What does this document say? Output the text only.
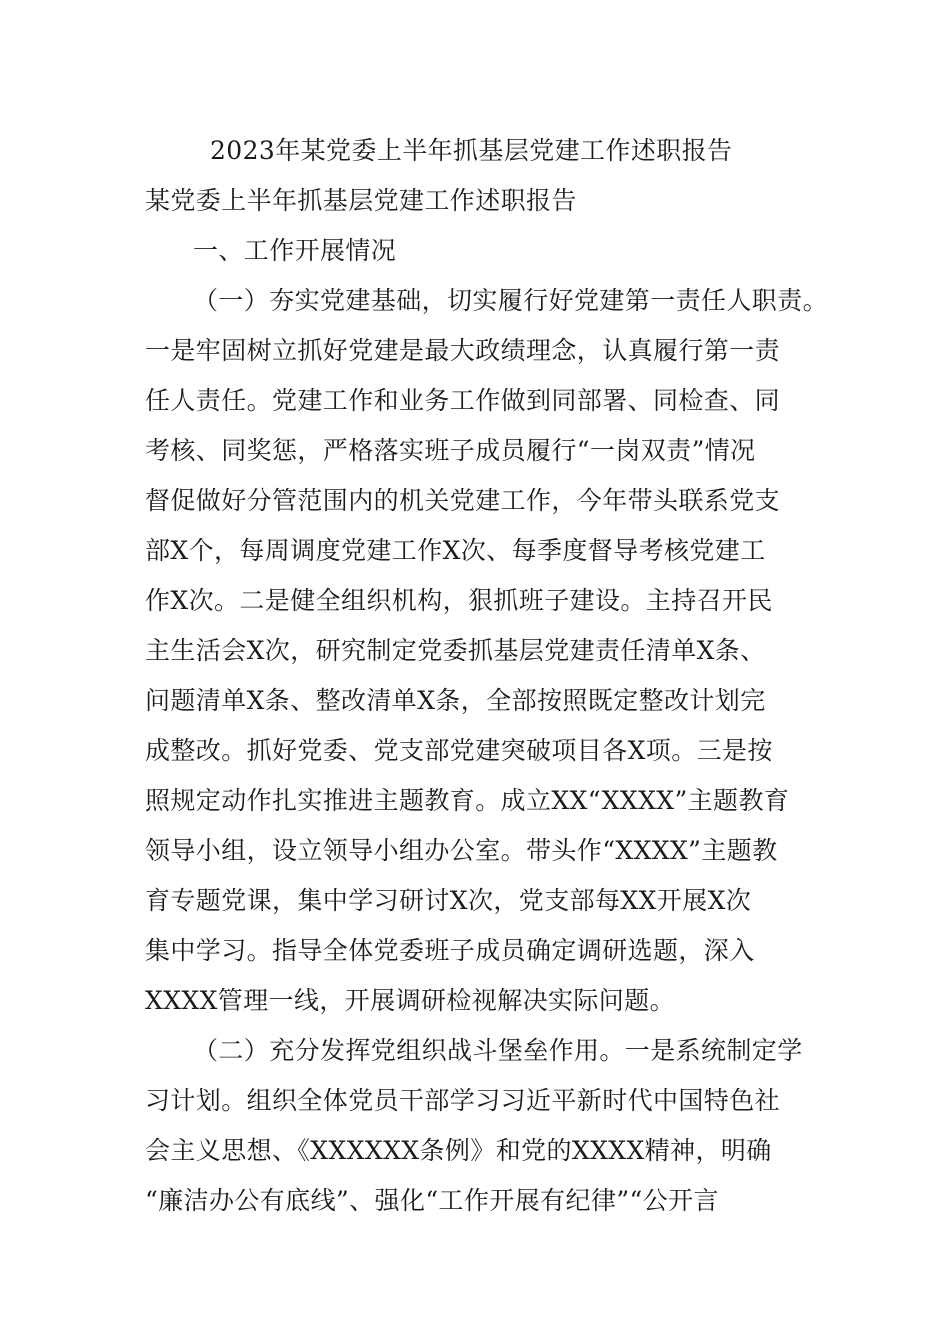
2023年某党委上半年抓基层党建工作述职报告
某党委上半年抓基层党建工作述职报告
一、工作开展情况
（一）夯实党建基础，切实履行好党建第一责任人职责。
一是牢固树立抓好党建是最大政绩理念，认真履行第一责
任人责任。党建工作和业务工作做到同部署、同检查、同
考核、同奖惩，严格落实班子成员履行“一岗双责”情况
督促做好分管范围内的机关党建工作，今年带头联系党支
部X个，每周调度党建工作X次、每季度督导考核党建工
作X次。二是健全组织机构，狠抓班子建设。主持召开民
主生活会X次，研究制定党委抓基层党建责任清单X条、
问题清单X条、整改清单X条，全部按照既定整改计划完
成整改。抓好党委、党支部党建突破项目各X项。三是按
照规定动作扎实推进主题教育。成立XX“XXXX”主题教育
领导小组，设立领导小组办公室。带头作“XXXX”主题教
育专题党课，集中学习研讨X次，党支部每XX开展X次
集中学习。指导全体党委班子成员确定调研选题，深入
XXXX管理一线，开展调研检视解决实际问题。
（二）充分发挥党组织战斗堡垒作用。一是系统制定学
习计划。组织全体党员干部学习习近平新时代中国特色社
会主义思想、《XXXXXX条例》和党的XXXX精神，明确
“廉洁办公有底线”、强化“工作开展有纪律”“公开言
